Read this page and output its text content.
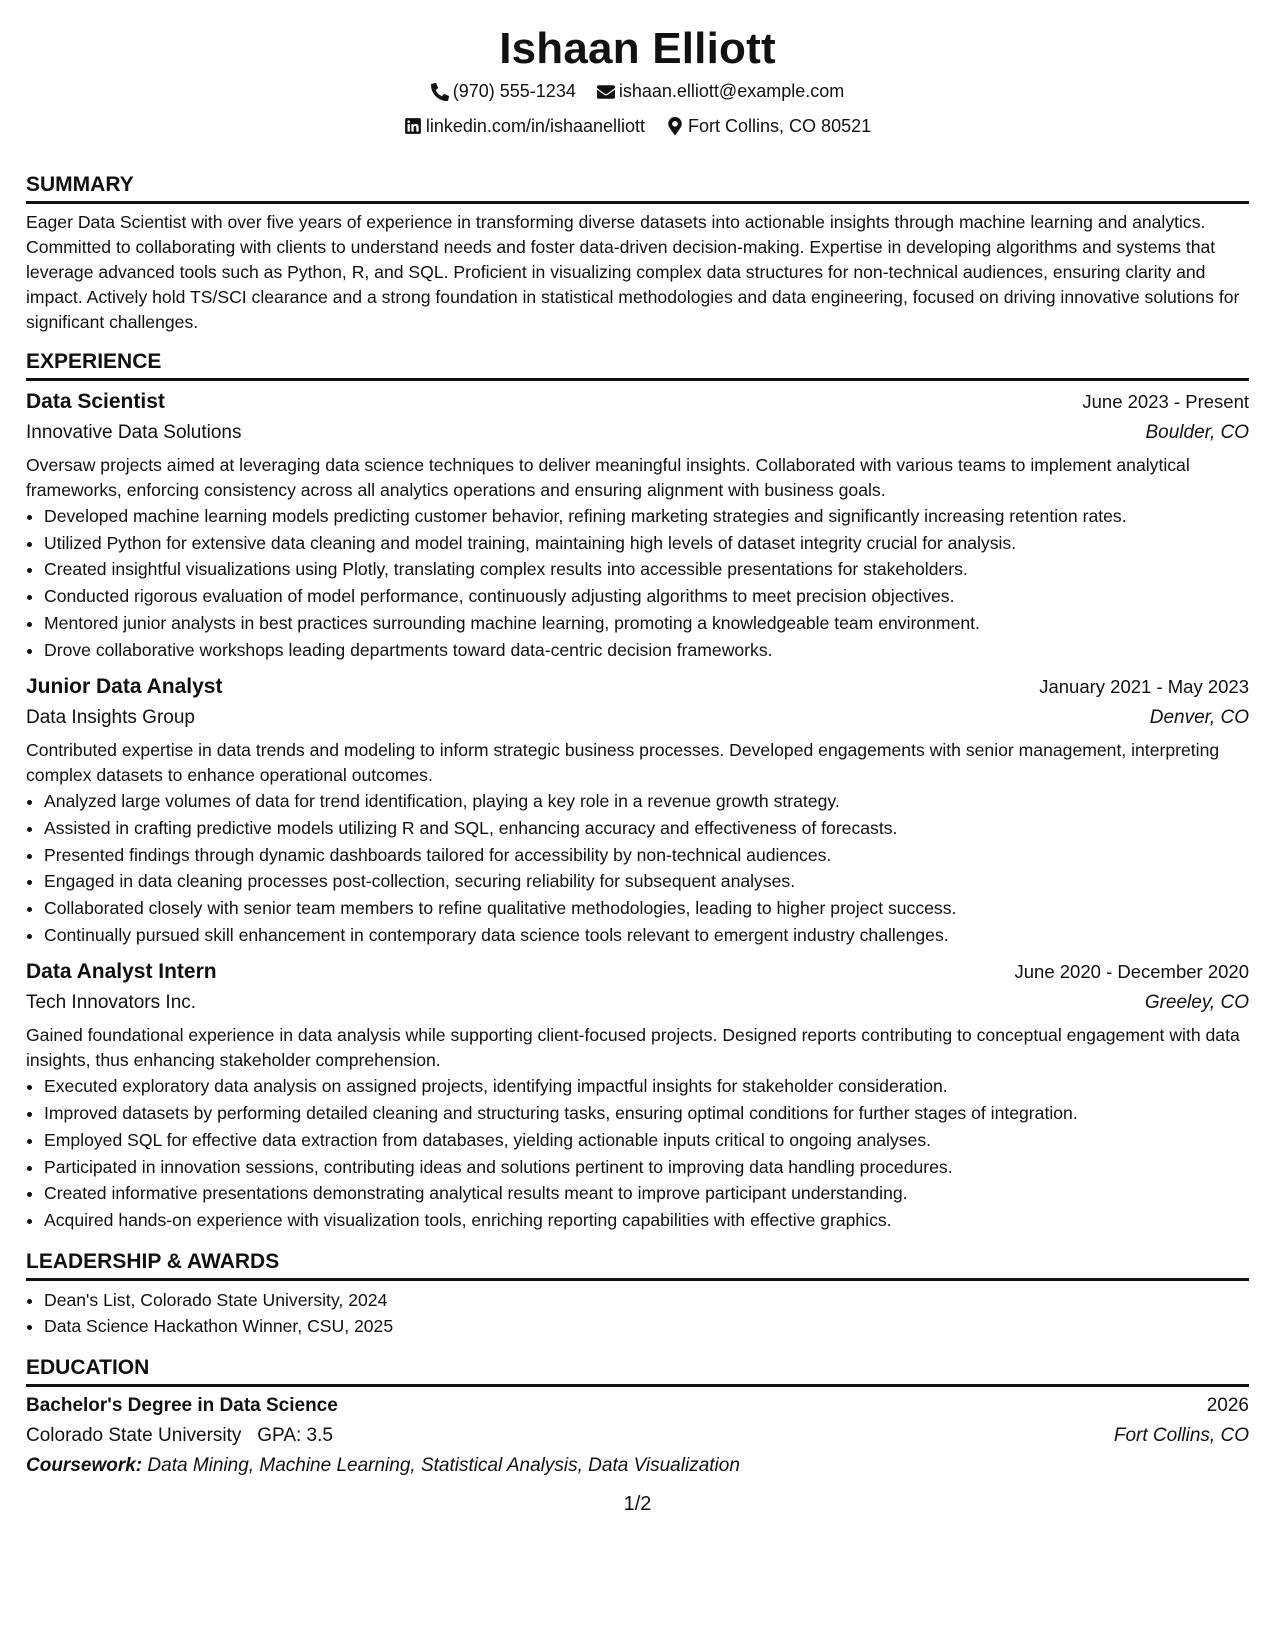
Ishaan Elliott
(970) 555-1234
ishaan.elliott@example.com
linkedin.com/in/ishaanelliott
Fort Collins, CO 80521
SUMMARY

Eager Data Scientist with over five years of experience in transforming diverse datasets into actionable insights through machine learning and analytics. Committed to collaborating with clients to understand needs and foster data-driven decision-making. Expertise in developing algorithms and systems that leverage advanced tools such as Python, R, and SQL. Proficient in visualizing complex data structures for non-technical audiences, ensuring clarity and impact. Actively hold TS/SCI clearance and a strong foundation in statistical methodologies and data engineering, focused on driving innovative solutions for significant challenges.

EXPERIENCE
Data Scientist	June 2023 - Present
Innovative Data Solutions	Boulder, CO

Oversaw projects aimed at leveraging data science techniques to deliver meaningful insights. Collaborated with various teams to implement analytical frameworks, enforcing consistency across all analytics operations and ensuring alignment with business goals.

• Developed machine learning models predicting customer behavior, refining marketing strategies and significantly increasing retention rates.
• Utilized Python for extensive data cleaning and model training, maintaining high levels of dataset integrity crucial for analysis.
• Created insightful visualizations using Plotly, translating complex results into accessible presentations for stakeholders.
• Conducted rigorous evaluation of model performance, continuously adjusting algorithms to meet precision objectives.
• Mentored junior analysts in best practices surrounding machine learning, promoting a knowledgeable team environment.
• Drove collaborative workshops leading departments toward data-centric decision frameworks.
Junior Data Analyst	January 2021 - May 2023
Data Insights Group	Denver, CO

Contributed expertise in data trends and modeling to inform strategic business processes. Developed engagements with senior management, interpreting complex datasets to enhance operational outcomes.

• Analyzed large volumes of data for trend identification, playing a key role in a revenue growth strategy.
• Assisted in crafting predictive models utilizing R and SQL, enhancing accuracy and effectiveness of forecasts.
• Presented findings through dynamic dashboards tailored for accessibility by non-technical audiences.
• Engaged in data cleaning processes post-collection, securing reliability for subsequent analyses.
• Collaborated closely with senior team members to refine qualitative methodologies, leading to higher project success.
• Continually pursued skill enhancement in contemporary data science tools relevant to emergent industry challenges.
Data Analyst Intern	June 2020 - December 2020
Tech Innovators Inc.	Greeley, CO

Gained foundational experience in data analysis while supporting client-focused projects. Designed reports contributing to conceptual engagement with data insights, thus enhancing stakeholder comprehension.

• Executed exploratory data analysis on assigned projects, identifying impactful insights for stakeholder consideration.
• Improved datasets by performing detailed cleaning and structuring tasks, ensuring optimal conditions for further stages of integration.
• Employed SQL for effective data extraction from databases, yielding actionable inputs critical to ongoing analyses.
• Participated in innovation sessions, contributing ideas and solutions pertinent to improving data handling procedures.
• Created informative presentations demonstrating analytical results meant to improve participant understanding.
• Acquired hands-on experience with visualization tools, enriching reporting capabilities with effective graphics.
LEADERSHIP & AWARDS
• Dean's List, Colorado State University, 2024
• Data Science Hackathon Winner, CSU, 2025
EDUCATION
Bachelor's Degree in Data Science	2026
Colorado State University GPA: 3.5	Fort Collins, CO
Coursework: Data Mining, Machine Learning, Statistical Analysis, Data Visualization
1/2
